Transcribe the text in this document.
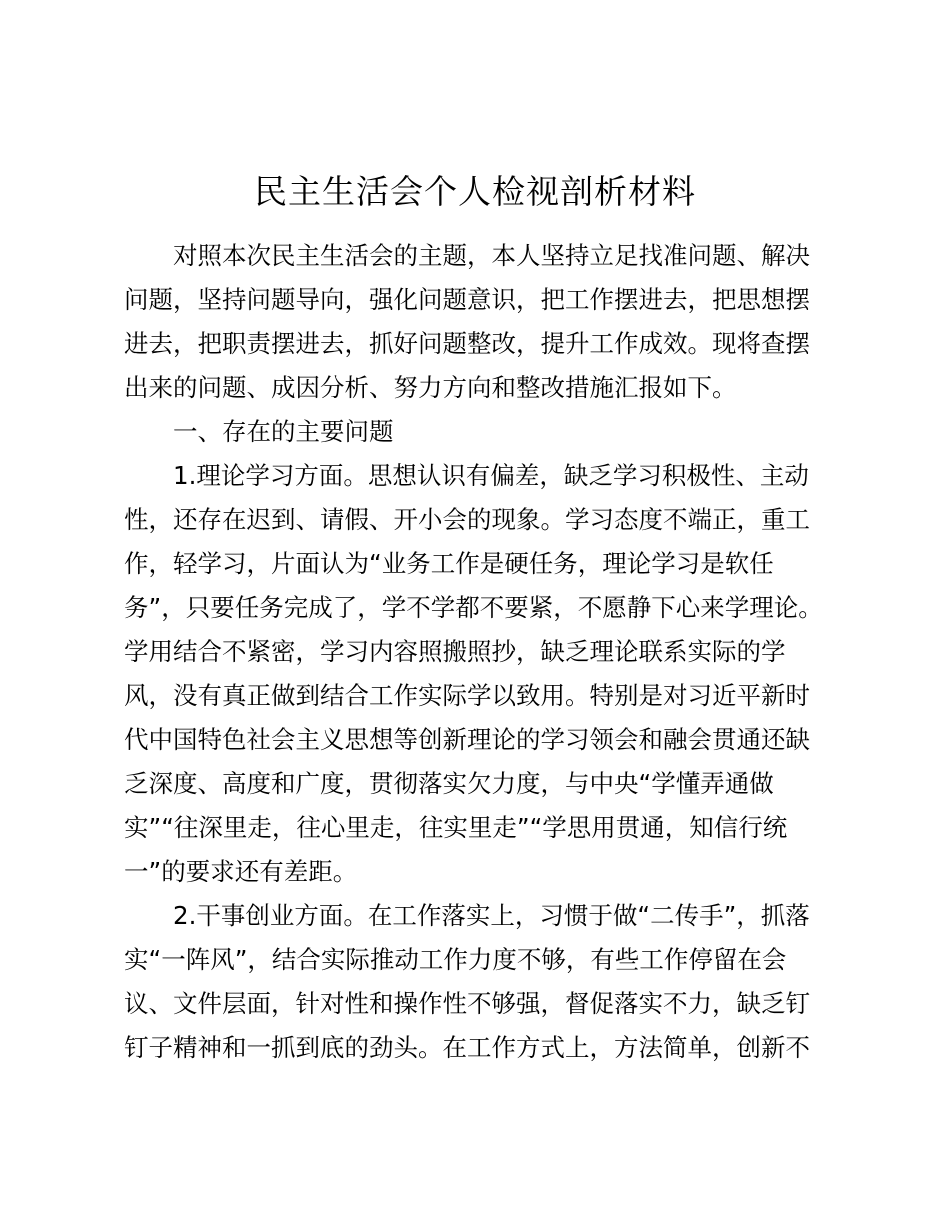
民主生活会个人检视剖析材料
对照本次民主生活会的主题，本人坚持立足找准问题、解决
问题，坚持问题导向，强化问题意识，把工作摆进去，把思想摆
进去，把职责摆进去，抓好问题整改，提升工作成效。现将查摆
出来的问题、成因分析、努力方向和整改措施汇报如下。
一、存在的主要问题
1.理论学习方面。思想认识有偏差，缺乏学习积极性、主动
性，还存在迟到、请假、开小会的现象。学习态度不端正，重工
作，轻学习，片面认为“业务工作是硬任务，理论学习是软任
务”，只要任务完成了，学不学都不要紧，不愿静下心来学理论。
学用结合不紧密，学习内容照搬照抄，缺乏理论联系实际的学
风，没有真正做到结合工作实际学以致用。特别是对习近平新时
代中国特色社会主义思想等创新理论的学习领会和融会贯通还缺
乏深度、高度和广度，贯彻落实欠力度，与中央“学懂弄通做
实”“往深里走，往心里走，往实里走”“学思用贯通，知信行统
一”的要求还有差距。
2.干事创业方面。在工作落实上，习惯于做“二传手”，抓落
实“一阵风”，结合实际推动工作力度不够，有些工作停留在会
议、文件层面，针对性和操作性不够强，督促落实不力，缺乏钉
钉子精神和一抓到底的劲头。在工作方式上，方法简单，创新不
